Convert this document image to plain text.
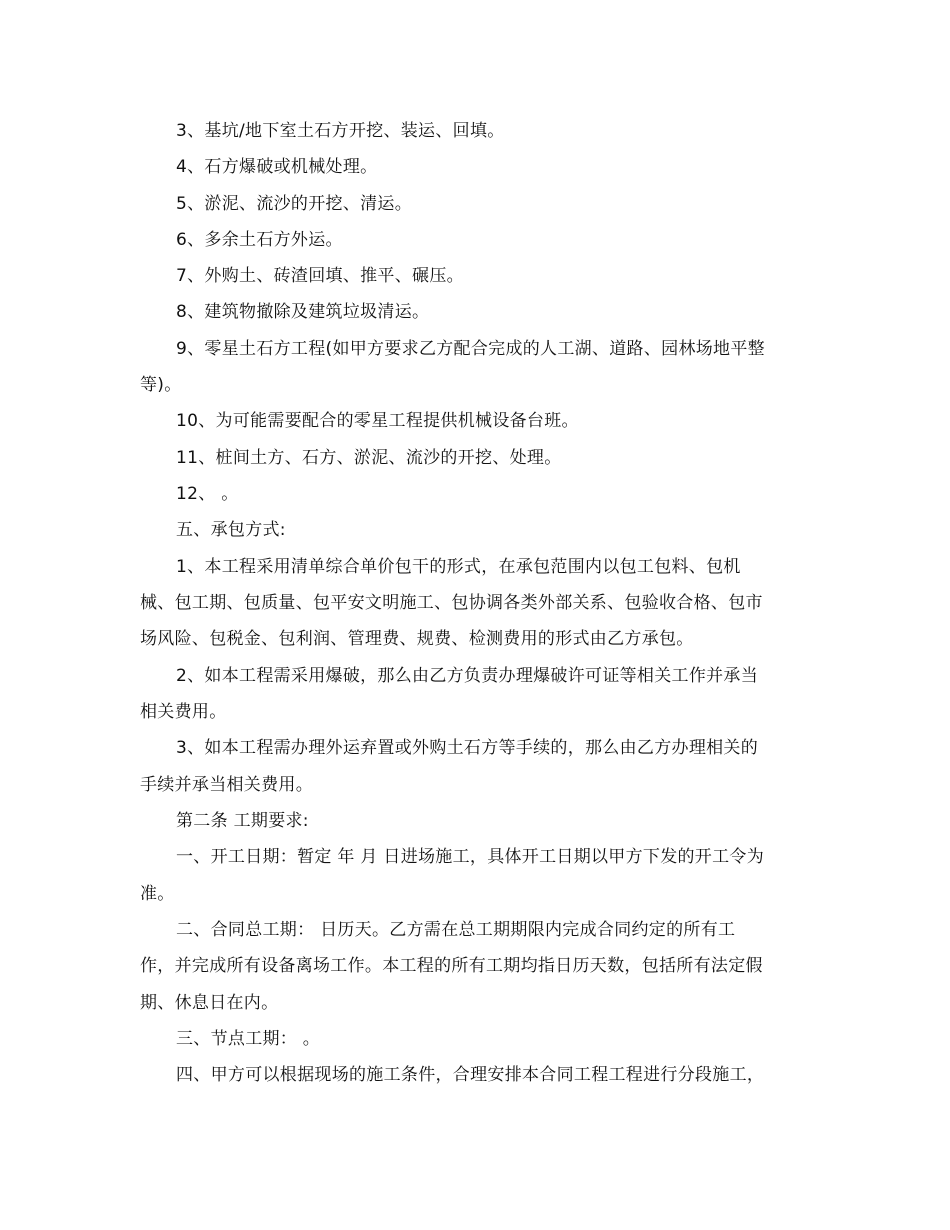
3、基坑/地下室土石方开挖、装运、回填。
4、石方爆破或机械处理。
5、淤泥、流沙的开挖、清运。
6、多余土石方外运。
7、外购土、砖渣回填、推平、碾压。
8、建筑物撤除及建筑垃圾清运。
9、零星土石方工程(如甲方要求乙方配合完成的人工湖、道路、园林场地平整
等)。
10、为可能需要配合的零星工程提供机械设备台班。
11、桩间土方、石方、淤泥、流沙的开挖、处理。
12、 。
五、承包方式:
1、本工程采用清单综合单价包干的形式，在承包范围内以包工包料、包机
械、包工期、包质量、包平安文明施工、包协调各类外部关系、包验收合格、包市
场风险、包税金、包利润、管理费、规费、检测费用的形式由乙方承包。
2、如本工程需采用爆破，那么由乙方负责办理爆破许可证等相关工作并承当
相关费用。
3、如本工程需办理外运弃置或外购土石方等手续的，那么由乙方办理相关的
手续并承当相关费用。
第二条 工期要求:
一、开工日期：暂定 年 月 日进场施工，具体开工日期以甲方下发的开工令为
准。
二、合同总工期： 日历天。乙方需在总工期期限内完成合同约定的所有工
作，并完成所有设备离场工作。本工程的所有工期均指日历天数，包括所有法定假
期、休息日在内。
三、节点工期： 。
四、甲方可以根据现场的施工条件，合理安排本合同工程工程进行分段施工，
